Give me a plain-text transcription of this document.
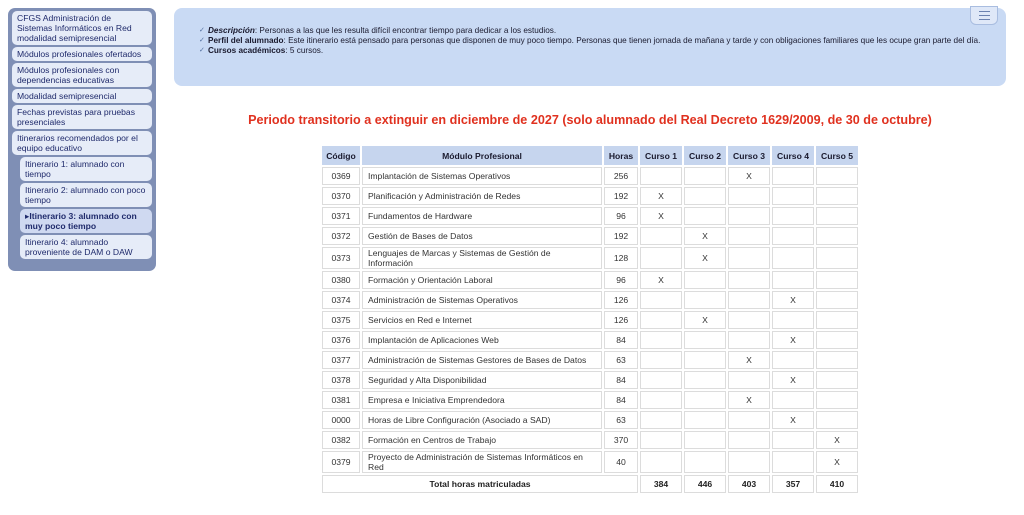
CFGS Administración de Sistemas Informáticos en Red modalidad semipresencial
Módulos profesionales ofertados
Módulos profesionales con dependencias educativas
Modalidad semipresencial
Fechas previstas para pruebas presenciales
Itinerarios recomendados por el equipo educativo
Itinerario 1: alumnado con tiempo
Itinerario 2: alumnado con poco tiempo
▸ Itinerario 3: alumnado con muy poco tiempo
Itinerario 4: alumnado proveniente de DAM o DAW
✓ Descripción: Personas a las que les resulta difícil encontrar tiempo para dedicar a los estudios.
✓ Perfil del alumnado: Este itinerario está pensado para personas que disponen de muy poco tiempo. Personas que tienen jornada de mañana y tarde y con obligaciones familiares que les ocupe gran parte del día.
✓ Cursos académicos: 5 cursos.
Periodo transitorio a extinguir en diciembre de 2027 (solo alumnado del Real Decreto 1629/2009, de 30 de octubre)
Código	Módulo Profesional	Horas	Curso 1	Curso 2	Curso 3	Curso 4	Curso 5
0369	Implantación de Sistemas Operativos	256			X		
0370	Planificación y Administración de Redes	192	X				
0371	Fundamentos de Hardware	96	X				
0372	Gestión de Bases de Datos	192		X			
0373	Lenguajes de Marcas y Sistemas de Gestión de Información	128		X			
0380	Formación y Orientación Laboral	96	X				
0374	Administración de Sistemas Operativos	126				X	
0375	Servicios en Red e Internet	126		X			
0376	Implantación de Aplicaciones Web	84				X	
0377	Administración de Sistemas Gestores de Bases de Datos	63			X		
0378	Seguridad y Alta Disponibilidad	84				X	
0381	Empresa e Iniciativa Emprendedora	84			X		
0000	Horas de Libre Configuración (Asociado a SAD)	63				X	
0382	Formación en Centros de Trabajo	370					X
0379	Proyecto de Administración de Sistemas Informáticos en Red	40					X
Total horas matriculadas			384	446	403	357	410
